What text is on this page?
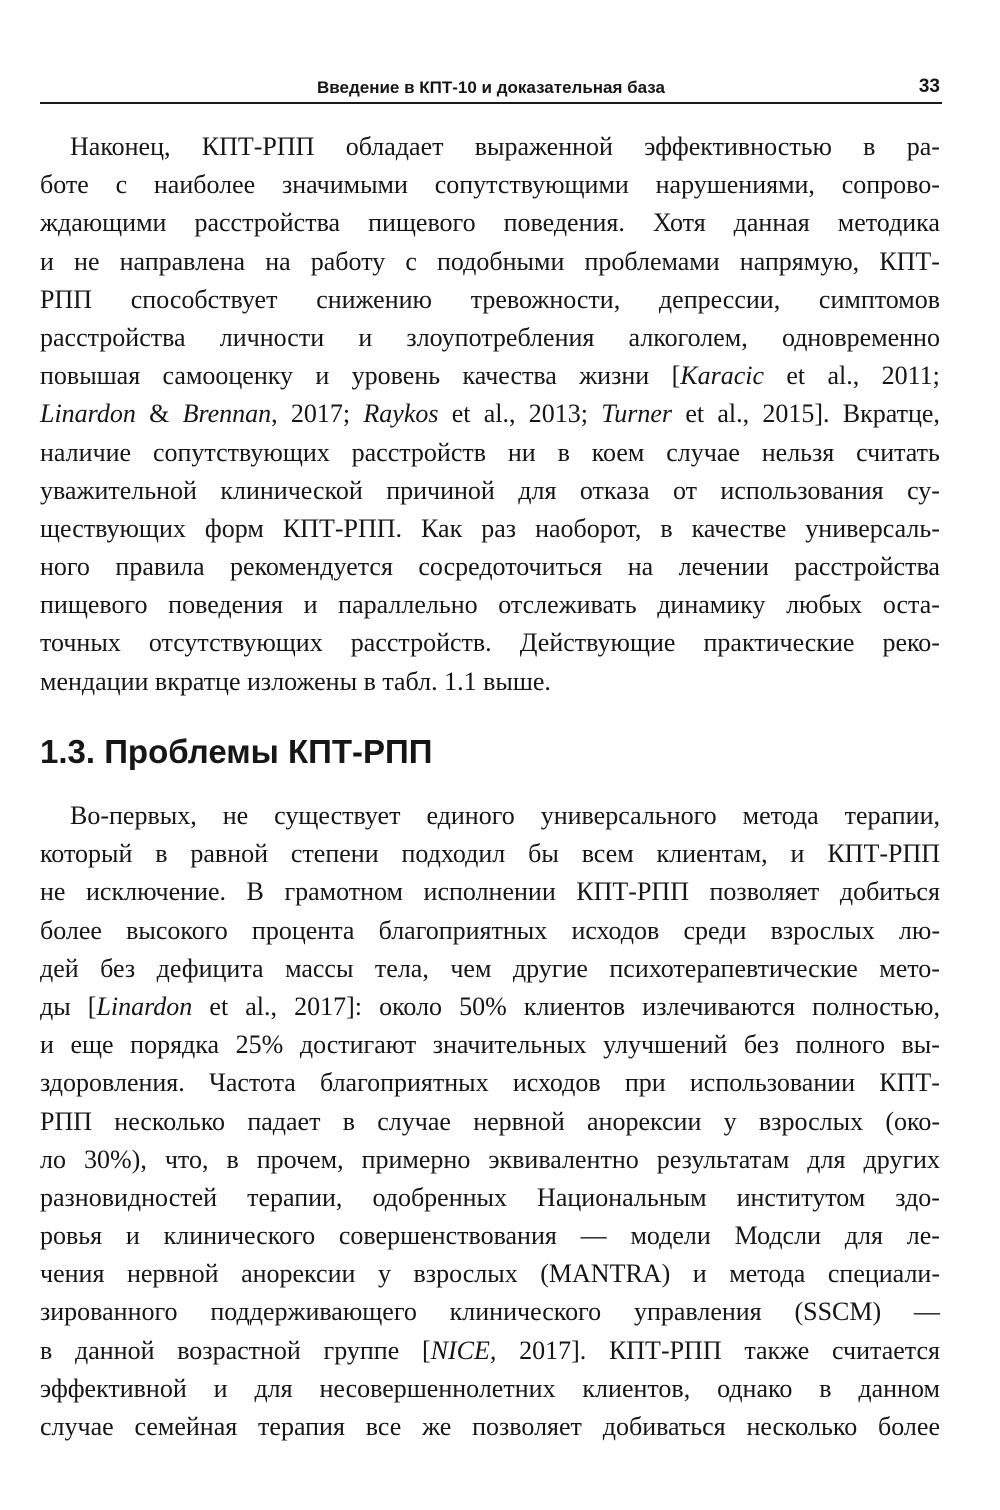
Введение в КПТ-10 и доказательная база	33
Наконец, КПТ-РПП обладает выраженной эффективностью в ра-
боте с наиболее значимыми сопутствующими нарушениями, сопрово-
ждающими расстройства пищевого поведения. Хотя данная методика
и не направлена на работу с подобными проблемами напрямую, КПТ-
РПП способствует снижению тревожности, депрессии, симптомов
расстройства личности и злоупотребления алкоголем, одновременно
повышая самооценку и уровень качества жизни [Karacic et al., 2011;
Linardon & Brennan, 2017; Raykos et al., 2013; Turner et al., 2015]. Вкратце,
наличие сопутствующих расстройств ни в коем случае нельзя считать
уважительной клинической причиной для отказа от использования су-
ществующих форм КПТ-РПП. Как раз наоборот, в качестве универсаль-
ного правила рекомендуется сосредоточиться на лечении расстройства
пищевого поведения и параллельно отслеживать динамику любых оста-
точных отсутствующих расстройств. Действующие практические реко-
мендации вкратце изложены в табл. 1.1 выше.
1.3. Проблемы КПТ-РПП
Во-первых, не существует единого универсального метода терапии,
который в равной степени подходил бы всем клиентам, и КПТ-РПП
не исключение. В грамотном исполнении КПТ-РПП позволяет добиться
более высокого процента благоприятных исходов среди взрослых лю-
дей без дефицита массы тела, чем другие психотерапевтические мето-
ды [Linardon et al., 2017]: около 50% клиентов излечиваются полностью,
и еще порядка 25% достигают значительных улучшений без полного вы-
здоровления. Частота благоприятных исходов при использовании КПТ-
РПП несколько падает в случае нервной анорексии у взрослых (око-
ло 30%), что, в прочем, примерно эквивалентно результатам для других
разновидностей терапии, одобренных Национальным институтом здо-
ровья и клинического совершенствования — модели Модсли для ле-
чения нервной анорексии у взрослых (MANTRA) и метода специали-
зированного поддерживающего клинического управления (SSCM) —
в данной возрастной группе [NICE, 2017]. КПТ-РПП также считается
эффективной и для несовершеннолетних клиентов, однако в данном
случае семейная терапия все же позволяет добиваться несколько более
